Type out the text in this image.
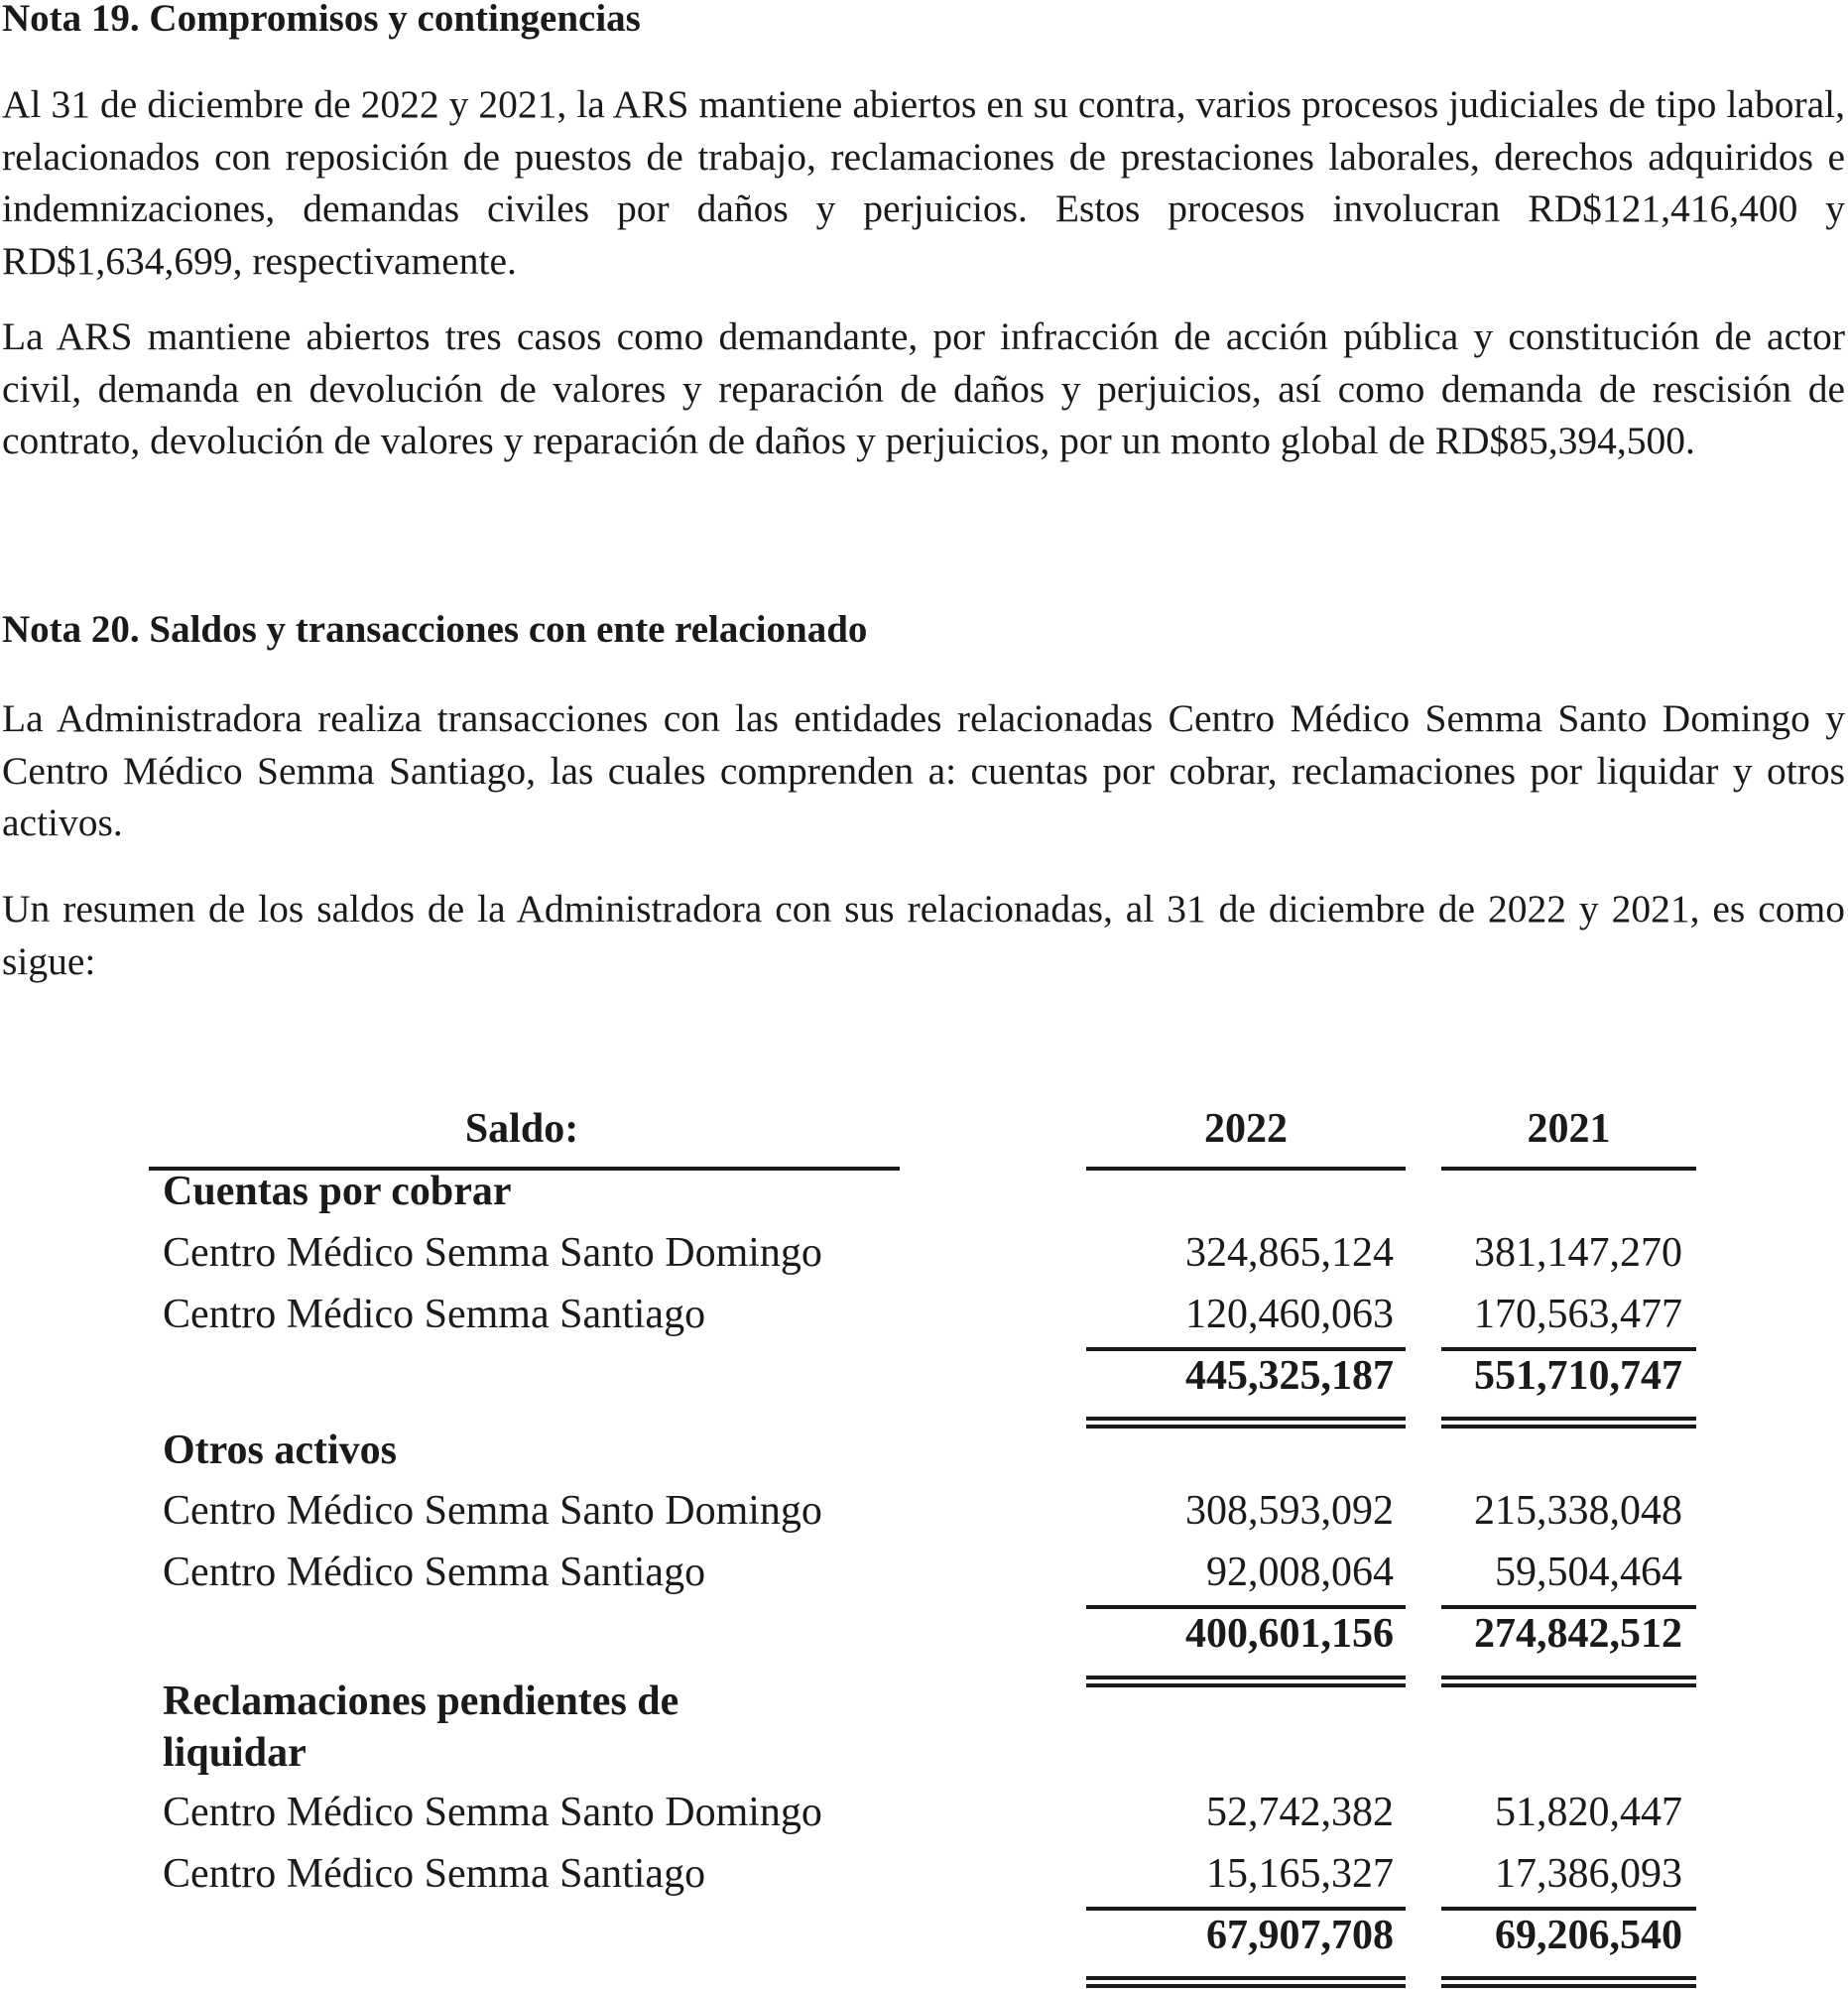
Nota 19. Compromisos y contingencias

Al 31 de diciembre de 2022 y 2021, la ARS mantiene abiertos en su contra, varios procesos judiciales de tipo laboral, relacionados con reposición de puestos de trabajo, reclamaciones de prestaciones laborales, derechos adquiridos e indemnizaciones, demandas civiles por daños y perjuicios. Estos procesos involucran RD$121,416,400 y RD$1,634,699, respectivamente.

La ARS mantiene abiertos tres casos como demandante, por infracción de acción pública y constitución de actor civil, demanda en devolución de valores y reparación de daños y perjuicios, así como demanda de rescisión de contrato, devolución de valores y reparación de daños y perjuicios, por un monto global de RD$85,394,500.

Nota 20. Saldos y transacciones con ente relacionado

La Administradora realiza transacciones con las entidades relacionadas Centro Médico Semma Santo Domingo y Centro Médico Semma Santiago, las cuales comprenden a: cuentas por cobrar, reclamaciones por liquidar y otros activos.

Un resumen de los saldos de la Administradora con sus relacionadas, al 31 de diciembre de 2022 y 2021, es como sigue:

Saldo:	2022	2021
Cuentas por cobrar
Centro Médico Semma Santo Domingo	324,865,124	381,147,270
Centro Médico Semma Santiago	120,460,063	170,563,477
445,325,187	551,710,747
Otros activos
Centro Médico Semma Santo Domingo	308,593,092	215,338,048
Centro Médico Semma Santiago	92,008,064	59,504,464
400,601,156	274,842,512
Reclamaciones pendientes de
liquidar
Centro Médico Semma Santo Domingo	52,742,382	51,820,447
Centro Médico Semma Santiago	15,165,327	17,386,093
67,907,708	69,206,540
